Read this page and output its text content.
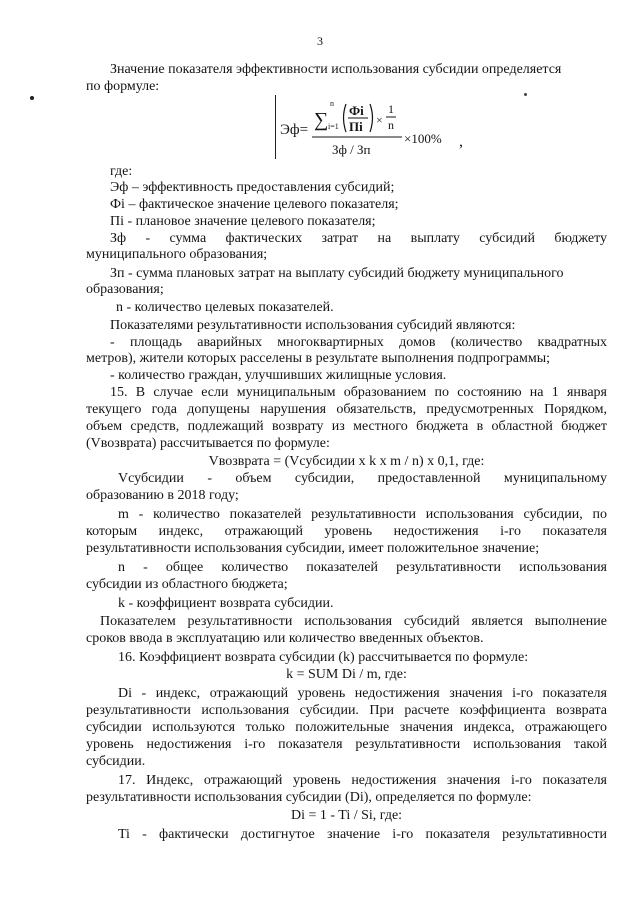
3
Значение показателя эффективности использования субсидии определяется
по формуле:
Эф= ∑
n
i=1
Фi
Пi ×
1
n
×100%
Зф / Зп	,
где:
Эф – эффективность предоставления субсидий;
Фi – фактическое значение целевого показателя;
Пi - плановое значение целевого показателя;
Зф - сумма фактических затрат на выплату субсидий бюджету
муниципального образования;
Зп - сумма плановых затрат на выплату субсидий бюджету муниципального
образования;
n - количество целевых показателей.
Показателями результативности использования субсидий являются:
- площадь аварийных многоквартирных домов (количество квадратных
метров), жители которых расселены в результате выполнения подпрограммы;
- количество граждан, улучшивших жилищные условия.
15. В случае если муниципальным образованием по состоянию на 1 января
текущего года допущены нарушения обязательств, предусмотренных Порядком,
объем средств, подлежащий возврату из местного бюджета в областной бюджет
(Vвозврата) рассчитывается по формуле:
Vвозврата = (Vсубсидии x k x m / n) x 0,1, где:
Vсубсидии - объем субсидии, предоставленной муниципальному
образованию в 2018 году;
m - количество показателей результативности использования субсидии, по
которым индекс, отражающий уровень недостижения i-го показателя
результативности использования субсидии, имеет положительное значение;
n - общее количество показателей результативности использования
субсидии из областного бюджета;
k - коэффициент возврата субсидии.
Показателем результативности использования субсидий является выполнение
сроков ввода в эксплуатацию или количество введенных объектов.
16. Коэффициент возврата субсидии (k) рассчитывается по формуле:
k = SUM Di / m, где:
Di - индекс, отражающий уровень недостижения значения i-го показателя
результативности использования субсидии. При расчете коэффициента возврата
субсидии используются только положительные значения индекса, отражающего
уровень недостижения i-го показателя результативности использования такой
субсидии.
17. Индекс, отражающий уровень недостижения значения i-го показателя
результативности использования субсидии (Di), определяется по формуле:
Di = 1 - Ti / Si, где:
Ti - фактически достигнутое значение i-го показателя результативности
